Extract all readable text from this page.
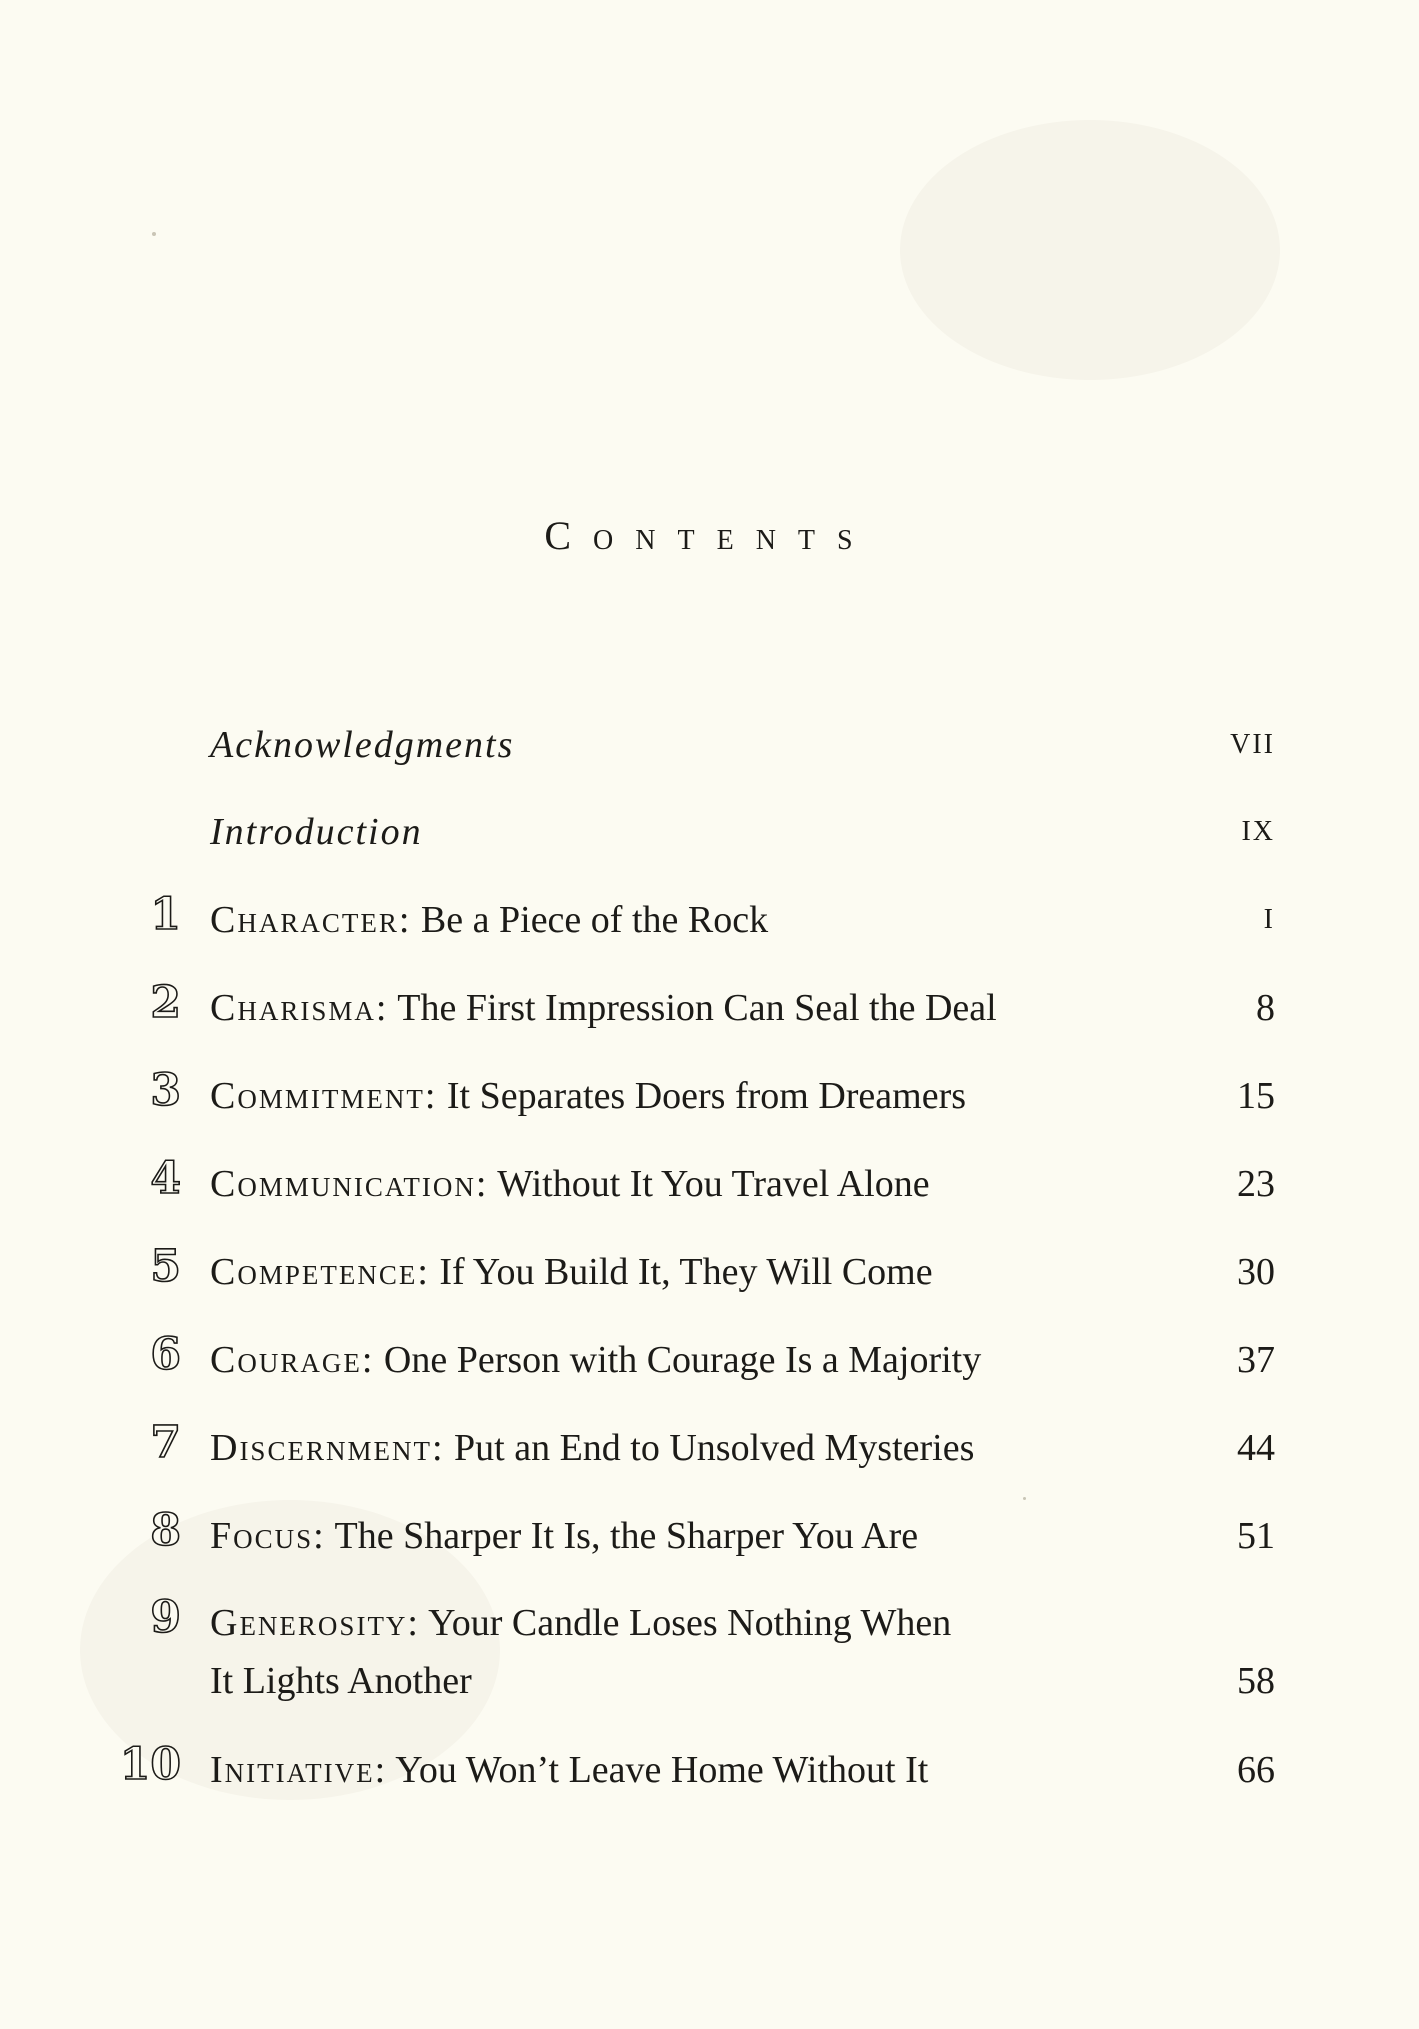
Contents
Acknowledgments	VII
Introduction	IX
1 Character: Be a Piece of the Rock	I
2 Charisma: The First Impression Can Seal the Deal	8
3 Commitment: It Separates Doers from Dreamers	15
4 Communication: Without It You Travel Alone	23
5 Competence: If You Build It, They Will Come	30
6 Courage: One Person with Courage Is a Majority	37
7 Discernment: Put an End to Unsolved Mysteries	44
8 Focus: The Sharper It Is, the Sharper You Are	51
9 Generosity: Your Candle Loses Nothing When
It Lights Another	58
10 Initiative: You Won’t Leave Home Without It	66
